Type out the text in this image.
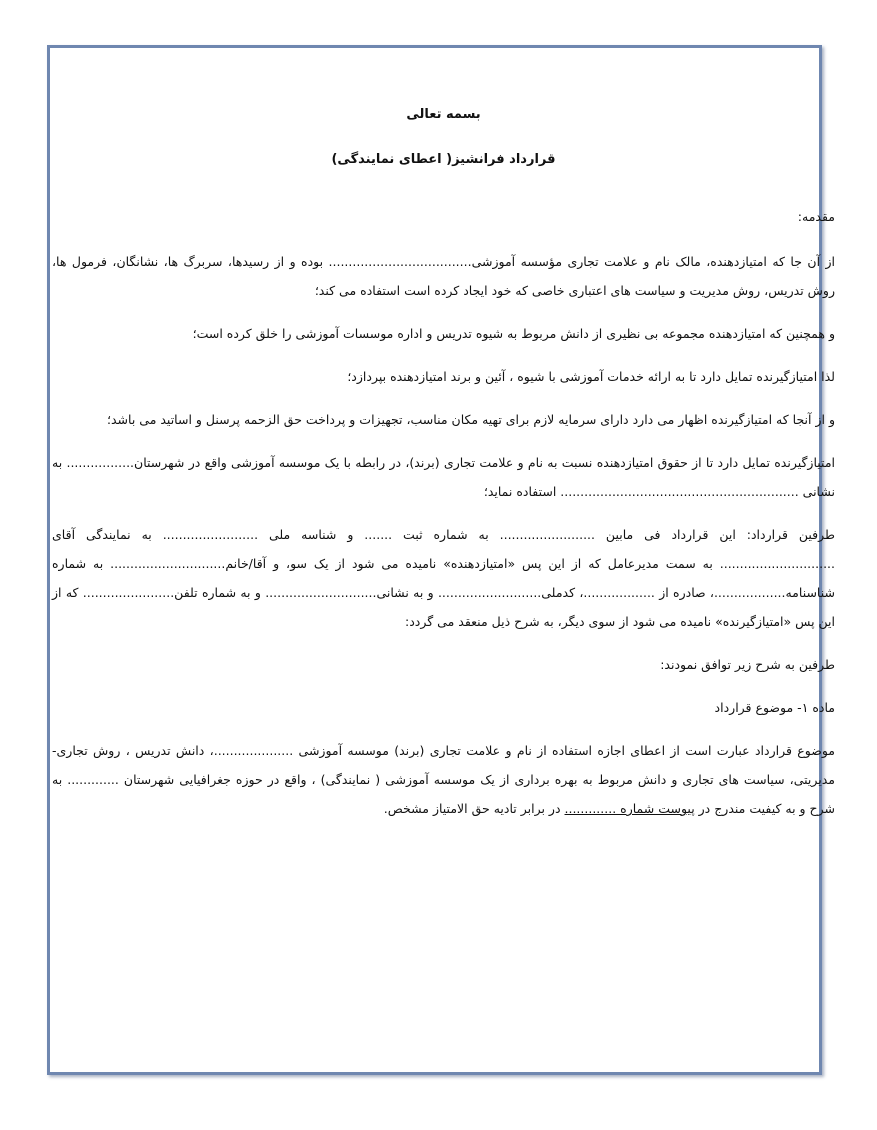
بسمه تعالی

قرارداد فرانشیز( اعطای نمایندگی)

مقدمه:

از آن جا که امتیازدهنده، مالک نام و علامت تجاری مؤسسه آموزشی.................................... بوده و از رسیدها، سربرگ ها، نشانگان، فرمول ها، روش تدریس، روش مدیریت و سیاست های اعتباری خاصی که خود ایجاد کرده است استفاده می کند؛

و همچنین که امتیازدهنده مجموعه بی نظیری از دانش مربوط به شیوه تدریس و اداره موسسات آموزشی را خلق کرده است؛

لذا امتیازگیرنده تمایل دارد تا به ارائه خدمات آموزشی با شیوه ، آئین و برند امتیازدهنده بپردازد؛

و از آنجا که امتیازگیرنده اظهار می دارد دارای سرمایه لازم برای تهیه مکان مناسب، تجهیزات و پرداخت حق الزحمه پرسنل و اساتید می باشد؛

امتیازگیرنده تمایل دارد تا از حقوق امتیازدهنده نسبت به نام و علامت تجاری (برند)، در رابطه با یک موسسه آموزشی واقع در شهرستان................. به نشانی ............................................................ استفاده نماید؛

طرفین قرارداد: این قرارداد فی مابین ........................ به شماره ثبت ....... و شناسه ملی ........................ به نمایندگی آقای ............................. به سمت مدیرعامل که از این پس «امتیازدهنده» نامیده می شود از یک سو، و آقا/خانم............................. به شماره شناسنامه..................، صادره از ..................، کدملی.......................... و به نشانی............................ و به شماره تلفن....................... که از این پس «امتیازگیرنده» نامیده می شود از سوی دیگر، به شرح ذیل منعقد می گردد:

طرفین به شرح زیر توافق نمودند:

ماده ۱- موضوع قرارداد

موضوع قرارداد عبارت است از اعطای اجازه استفاده از نام و علامت تجاری (برند) موسسه آموزشی ....................، دانش تدریس ، روش تجاری-مدیریتی، سیاست های تجاری و دانش مربوط به بهره برداری از یک موسسه آموزشی ( نمایندگی) ، واقع در حوزه جغرافیایی شهرستان ............. به شرح و به کیفیت مندرج در پیوست شماره ............. در برابر تادیه حق الامتیاز مشخص.
